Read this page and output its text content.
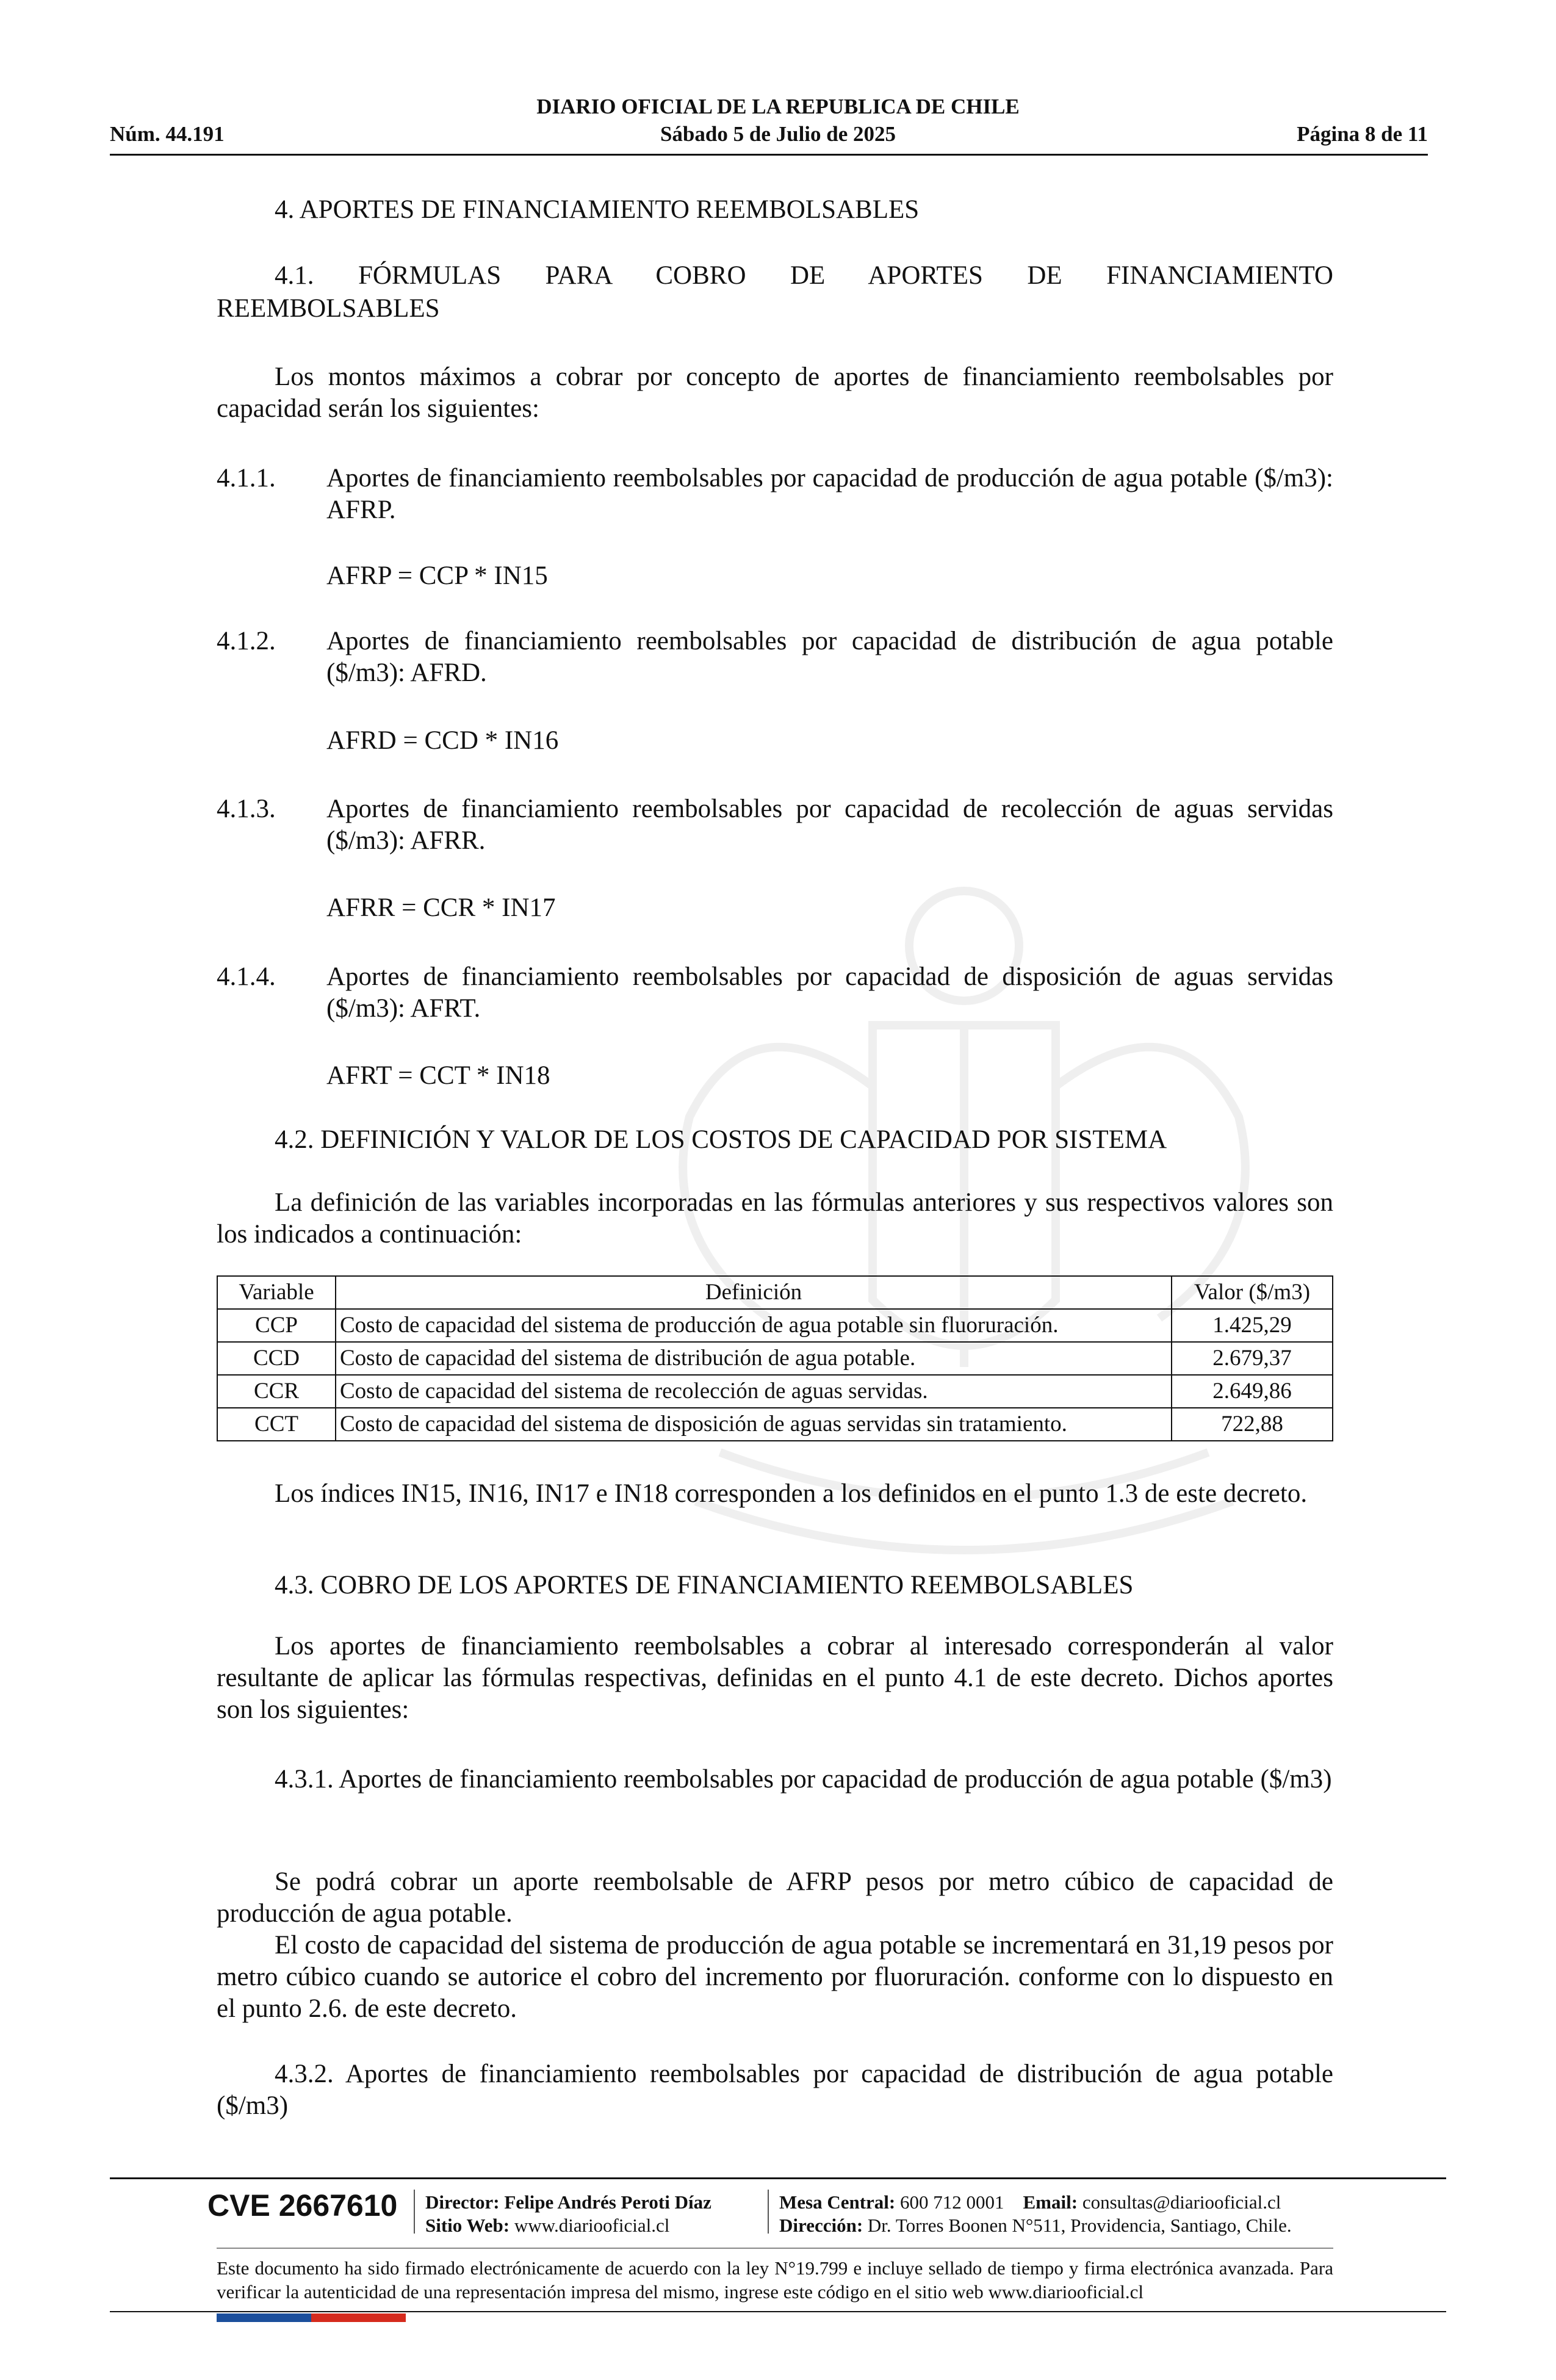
DIARIO OFICIAL DE LA REPUBLICA DE CHILE
Núm. 44.191	Sábado 5 de Julio de 2025	Página 8 de 11

4. APORTES DE FINANCIAMIENTO REEMBOLSABLES

4.1. FÓRMULAS PARA COBRO DE APORTES DE FINANCIAMIENTO

REEMBOLSABLES

Los montos máximos a cobrar por concepto de aportes de financiamiento reembolsables por capacidad serán los siguientes:

4.1.1.	Aportes de financiamiento reembolsables por capacidad de producción de agua potable ($/m3): AFRP.

AFRP = CCP * IN15

4.1.2.	Aportes de financiamiento reembolsables por capacidad de distribución de agua potable ($/m3): AFRD.

AFRD = CCD * IN16

4.1.3.	Aportes de financiamiento reembolsables por capacidad de recolección de aguas servidas ($/m3): AFRR.

AFRR = CCR * IN17

4.1.4.	Aportes de financiamiento reembolsables por capacidad de disposición de aguas servidas ($/m3): AFRT.

AFRT = CCT * IN18

4.2. DEFINICIÓN Y VALOR DE LOS COSTOS DE CAPACIDAD POR SISTEMA

La definición de las variables incorporadas en las fórmulas anteriores y sus respectivos valores son los indicados a continuación:

Variable	Definición	Valor ($/m3)
CCP	Costo de capacidad del sistema de producción de agua potable sin fluoruración.	1.425,29
CCD	Costo de capacidad del sistema de distribución de agua potable.	2.679,37
CCR	Costo de capacidad del sistema de recolección de aguas servidas.	2.649,86
CCT	Costo de capacidad del sistema de disposición de aguas servidas sin tratamiento.	722,88

Los índices IN15, IN16, IN17 e IN18 corresponden a los definidos en el punto 1.3 de este decreto.

4.3. COBRO DE LOS APORTES DE FINANCIAMIENTO REEMBOLSABLES

Los aportes de financiamiento reembolsables a cobrar al interesado corresponderán al valor resultante de aplicar las fórmulas respectivas, definidas en el punto 4.1 de este decreto. Dichos aportes son los siguientes:

4.3.1. Aportes de financiamiento reembolsables por capacidad de producción de agua potable ($/m3)

Se podrá cobrar un aporte reembolsable de AFRP pesos por metro cúbico de capacidad de producción de agua potable.

El costo de capacidad del sistema de producción de agua potable se incrementará en 31,19 pesos por metro cúbico cuando se autorice el cobro del incremento por fluoruración. conforme con lo dispuesto en el punto 2.6. de este decreto.

4.3.2. Aportes de financiamiento reembolsables por capacidad de distribución de agua potable ($/m3)

CVE 2667610 Director: Felipe Andrés Peroti Díaz
Sitio Web: www.diariooficial.cl
Mesa Central: 600 712 0001 Email: consultas@diariooficial.cl
Dirección: Dr. Torres Boonen N°511, Providencia, Santiago, Chile.
Este documento ha sido firmado electrónicamente de acuerdo con la ley N°19.799 e incluye sellado de tiempo y firma electrónica avanzada. Para verificar la autenticidad de una representación impresa del mismo, ingrese este código en el sitio web www.diariooficial.cl
